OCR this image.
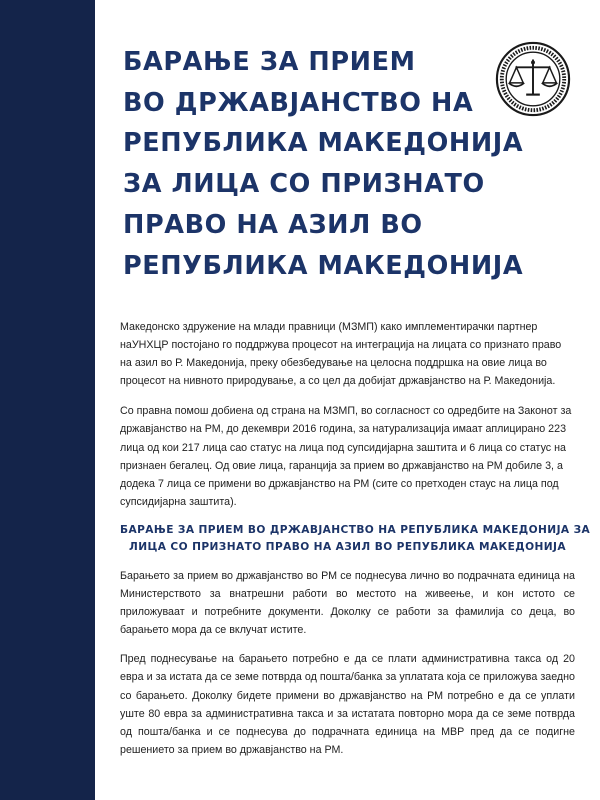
БАРАЊЕ ЗА ПРИЕМ
ВО ДРЖАВЈАНСТВО НА
РЕПУБЛИКА МАКЕДОНИЈА
ЗА ЛИЦА СО ПРИЗНАТО
ПРАВО НА АЗИЛ ВО
РЕПУБЛИКА МАКЕДОНИЈА

Македонско здружение на млади правници (МЗМП) како имплементирачки партнер наУНХЦР постојано го поддржува процесот на интеграција на лицата со признато право на азил во Р. Македонија, преку обезбедување на целосна поддршка на овие лица во процесот на нивното природување, а со цел да добијат државјанство на Р. Македонија.

Со правна помош добиена од страна на МЗМП, во согласност со одредбите на Законот за државјанство на РМ, до декември 2016 година, за натурализација имаат аплицирано 223 лица од кои 217 лица сао статус на лица под супсидијарна заштита и 6 лица со статус на признаен бегалец. Од овие лица, гаранција за прием во државјанство на РМ добиле 3, а додека 7 лица се примени во државјанство на РМ (сите со претходен стаус на лица под супсидијарна заштита).

БАРАЊЕ ЗА ПРИЕМ ВО ДРЖАВЈАНСТВО НА РЕПУБЛИКА МАКЕДОНИЈА ЗА
ЛИЦА СО ПРИЗНАТО ПРАВО НА АЗИЛ ВО РЕПУБЛИКА МАКЕДОНИЈА

Барањето за прием во државјанство во РМ се поднесува лично во подрачната единица на Министерството за внатрешни работи во местото на живеење, и кон истото се приложуваат и потребните документи. Доколку се работи за фамилија со деца, во барањето мора да се вклучат истите.

Пред поднесување на барањето потребно е да се плати административна такса од 20 евра и за истата да се земе потврда од пошта/банка за уплатата која се приложува заедно со барањето. Доколку бидете примени во државјанство на РМ потребно е да се уплати уште 80 евра за административна такса и за истатата повторно мора да се земе потврда од пошта/банка и се поднесува до подрачната единица на МВР пред да се подигне решението за прием во државјанство на РМ.
